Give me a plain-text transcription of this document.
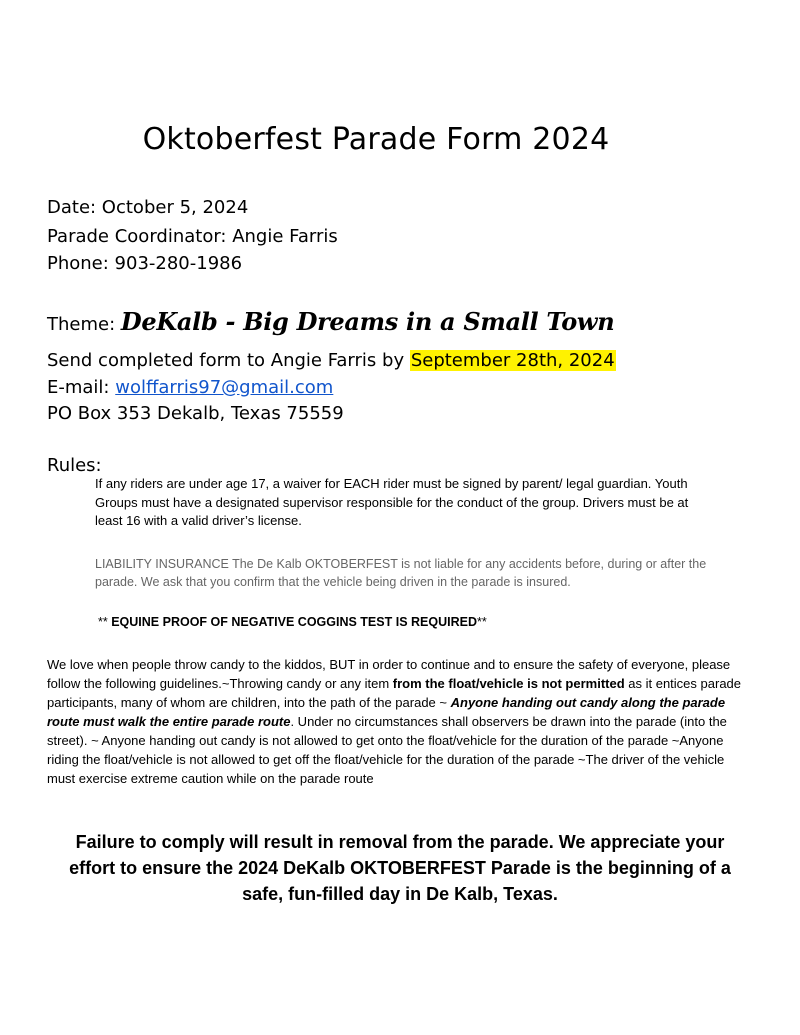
Oktoberfest Parade Form 2024
Date: October 5, 2024
Parade Coordinator: Angie Farris
Phone: 903-280-1986
Theme: DeKalb - Big Dreams in a Small Town
Send completed form to Angie Farris by September 28th, 2024
E-mail: wolffarris97@gmail.com
PO Box 353 Dekalb, Texas 75559
Rules:
If any riders are under age 17, a waiver for EACH rider must be signed by parent/ legal guardian. Youth Groups must have a designated supervisor responsible for the conduct of the group. Drivers must be at least 16 with a valid driver’s license.
LIABILITY INSURANCE The De Kalb OKTOBERFEST is not liable for any accidents before, during or after the parade. We ask that you confirm that the vehicle being driven in the parade is insured.
** EQUINE PROOF OF NEGATIVE COGGINS TEST IS REQUIRED**
We love when people throw candy to the kiddos, BUT in order to continue and to ensure the safety of everyone, please follow the following guidelines.~Throwing candy or any item from the float/vehicle is not permitted as it entices parade participants, many of whom are children, into the path of the parade ~ Anyone handing out candy along the parade route must walk the entire parade route. Under no circumstances shall observers be drawn into the parade (into the street). ~ Anyone handing out candy is not allowed to get onto the float/vehicle for the duration of the parade ~Anyone riding the float/vehicle is not allowed to get off the float/vehicle for the duration of the parade ~The driver of the vehicle must exercise extreme caution while on the parade route
Failure to comply will result in removal from the parade. We appreciate your effort to ensure the 2024 DeKalb OKTOBERFEST Parade is the beginning of a safe, fun-filled day in De Kalb, Texas.
